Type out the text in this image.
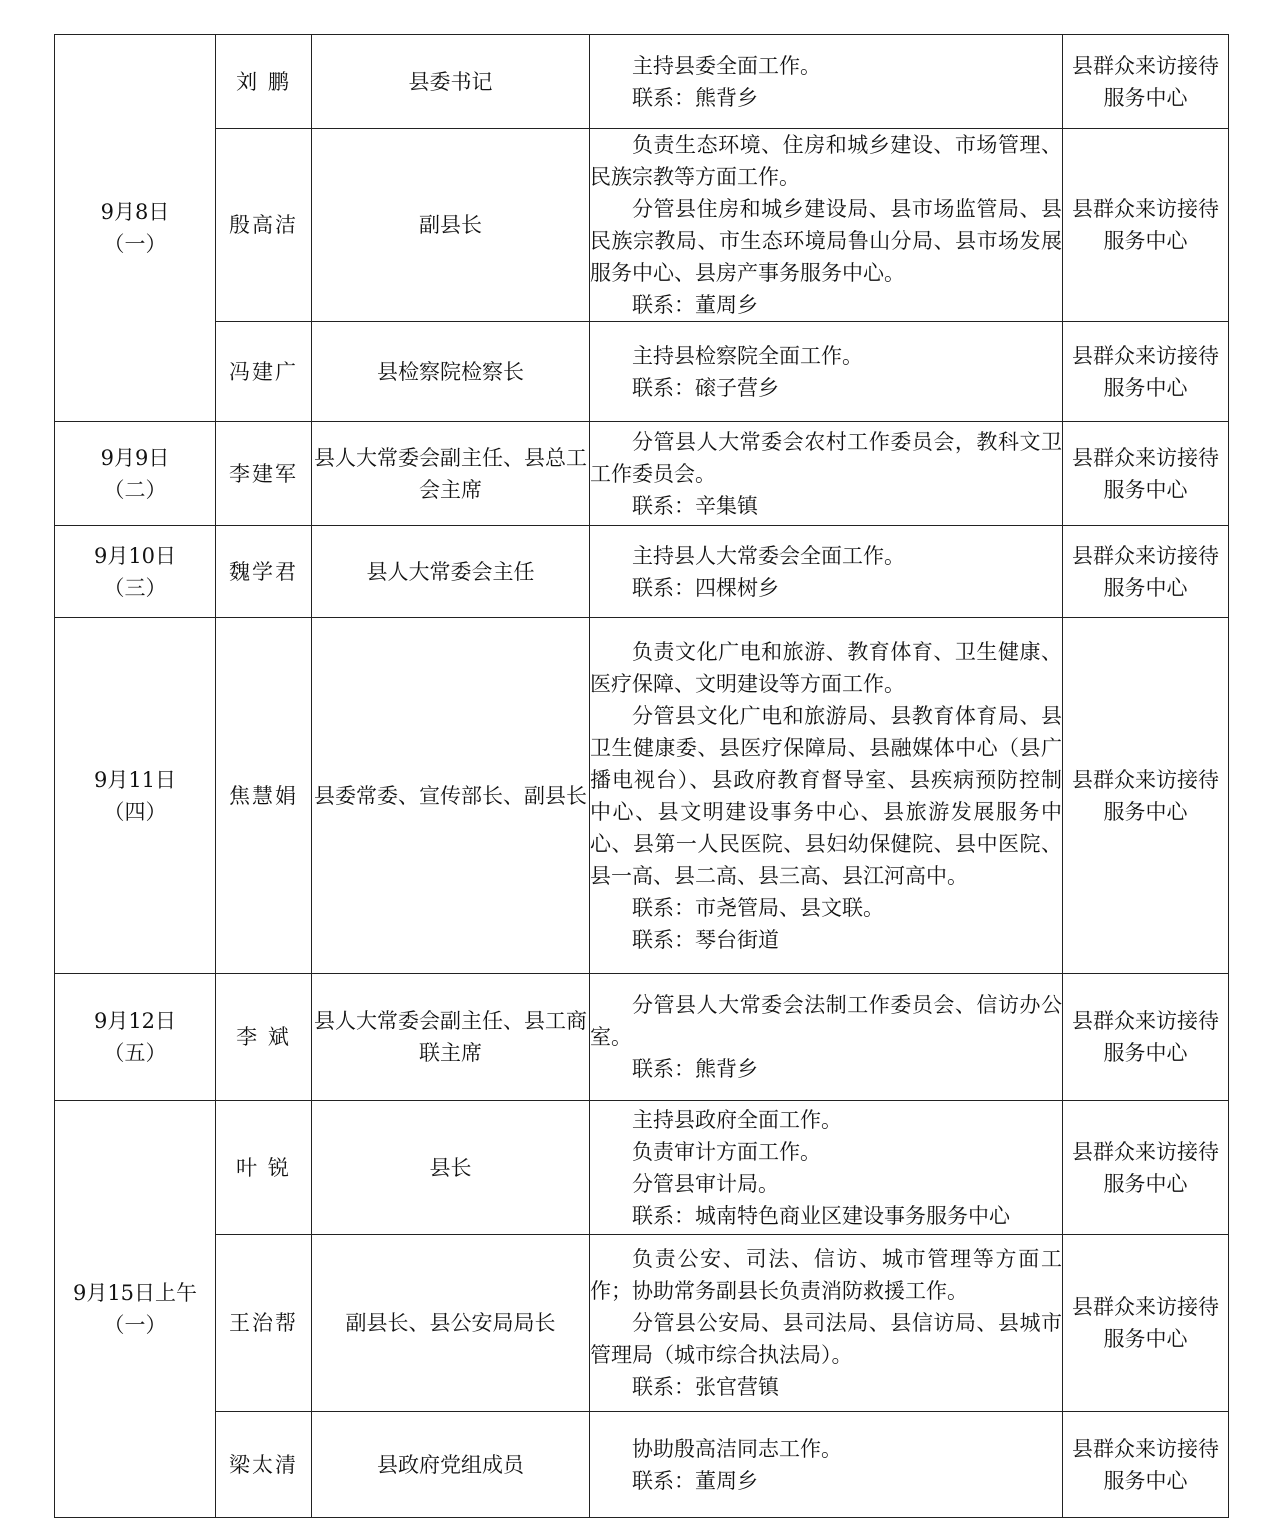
9月8日
（一）	刘 鹏	县委书记	主持县委全面工作。
联系：熊背乡	县群众来访接待服务中心
	殷高洁	副县长	负责生态环境、住房和城乡建设、市场管理、民族宗教等方面工作。
分管县住房和城乡建设局、县市场监管局、县民族宗教局、市生态环境局鲁山分局、县市场发展服务中心、县房产事务服务中心。
联系：董周乡	县群众来访接待服务中心
	冯建广	县检察院检察长	主持县检察院全面工作。
联系：磙子营乡	县群众来访接待服务中心

9月9日
（二）	李建军	县人大常委会副主任、县总工会主席	分管县人大常委会农村工作委员会，教科文卫工作委员会。
联系：辛集镇	县群众来访接待服务中心

9月10日
（三）	魏学君	县人大常委会主任	主持县人大常委会全面工作。
联系：四棵树乡	县群众来访接待服务中心

9月11日
（四）	焦慧娟	县委常委、宣传部长、副县长	负责文化广电和旅游、教育体育、卫生健康、医疗保障、文明建设等方面工作。
分管县文化广电和旅游局、县教育体育局、县卫生健康委、县医疗保障局、县融媒体中心（县广播电视台）、县政府教育督导室、县疾病预防控制中心、县文明建设事务中心、县旅游发展服务中心、县第一人民医院、县妇幼保健院、县中医院、县一高、县二高、县三高、县江河高中。
联系：市尧管局、县文联。
联系：琴台街道	县群众来访接待服务中心

9月12日
（五）	李 斌	县人大常委会副主任、县工商联主席	分管县人大常委会法制工作委员会、信访办公室。
联系：熊背乡	县群众来访接待服务中心

9月15日上午
（一）	叶 锐	县长	主持县政府全面工作。
负责审计方面工作。
分管县审计局。
联系：城南特色商业区建设事务服务中心	县群众来访接待服务中心
	王治帮	副县长、县公安局局长	负责公安、司法、信访、城市管理等方面工作；协助常务副县长负责消防救援工作。
分管县公安局、县司法局、县信访局、县城市管理局（城市综合执法局）。
联系：张官营镇	县群众来访接待服务中心
	梁太清	县政府党组成员	协助殷高洁同志工作。
联系：董周乡	县群众来访接待服务中心
